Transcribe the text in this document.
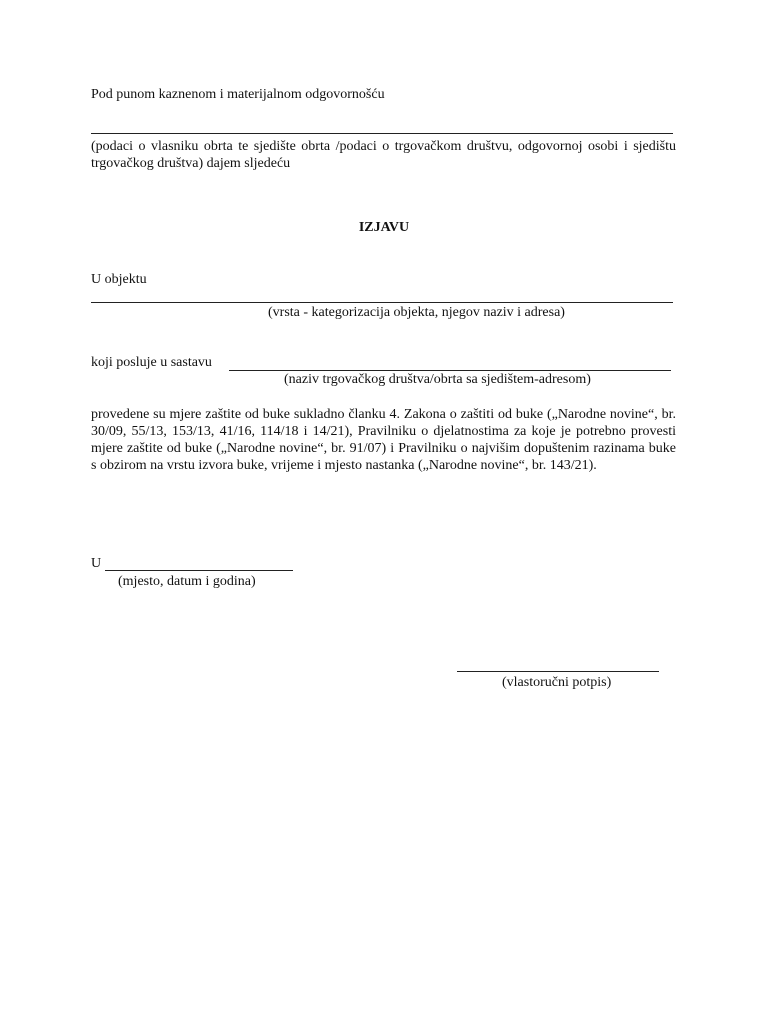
Pod punom kaznenom i materijalnom odgovornošću
(podaci o vlasniku obrta te sjedište obrta /podaci o trgovačkom društvu, odgovornoj osobi i sjedištu trgovačkog društva) dajem sljedeću
IZJAVU
U objektu
(vrsta - kategorizacija objekta, njegov naziv i adresa)
koji posluje u sastavu
(naziv trgovačkog društva/obrta sa sjedištem-adresom)
provedene su mjere zaštite od buke sukladno članku 4. Zakona o zaštiti od buke („Narodne novine“, br. 30/09, 55/13, 153/13, 41/16, 114/18 i 14/21), Pravilniku o djelatnostima za koje je potrebno provesti mjere zaštite od buke („Narodne novine“, br. 91/07) i Pravilniku o najvišim dopuštenim razinama buke s obzirom na vrstu izvora buke, vrijeme i mjesto nastanka („Narodne novine“, br. 143/21).
U
(mjesto, datum i godina)
(vlastoručni potpis)
